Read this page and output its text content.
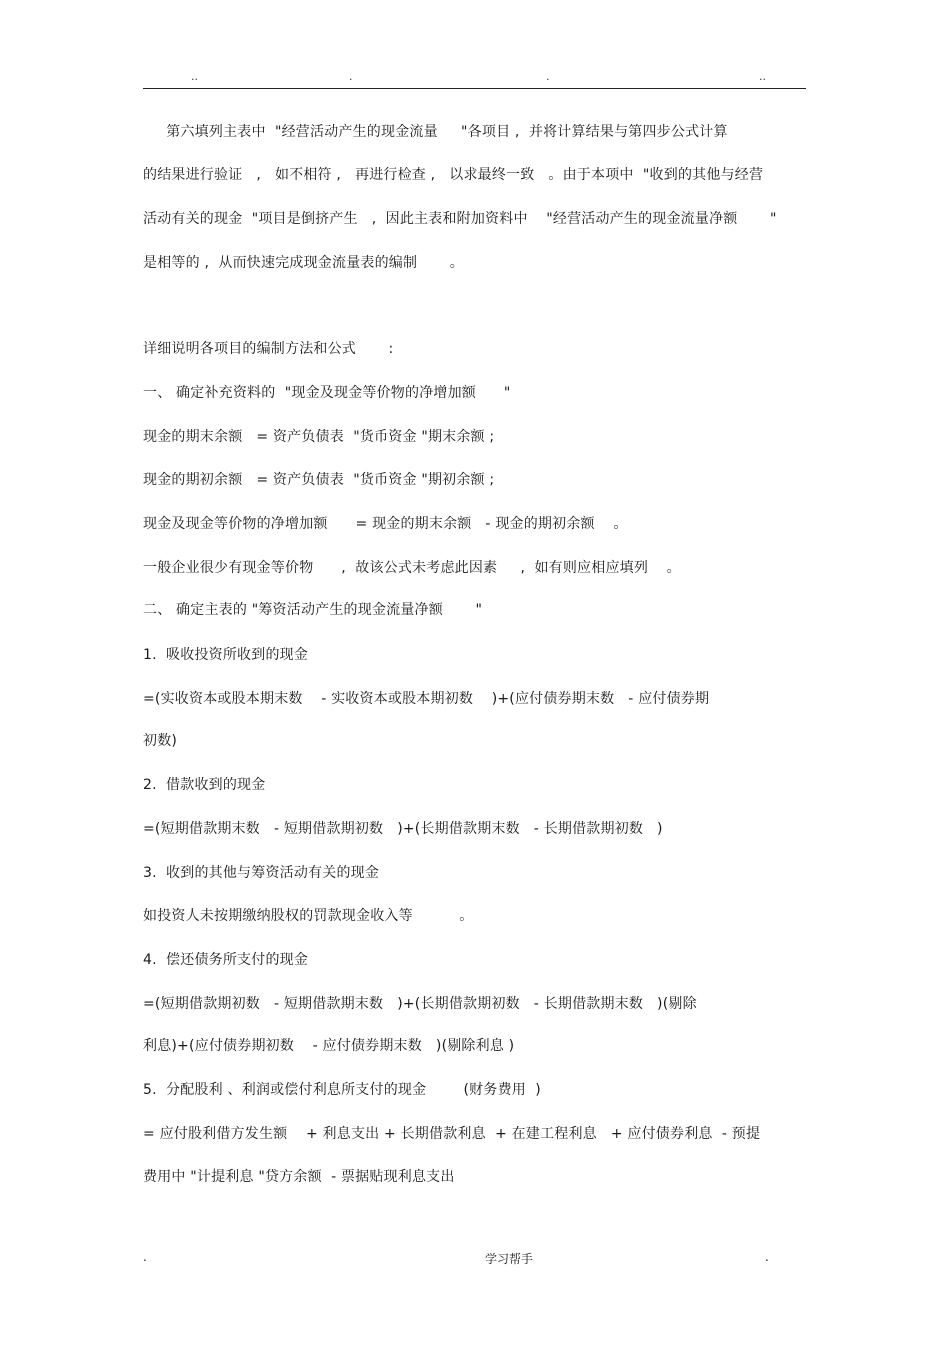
..	.	.	..
第六填列主表中  "经营活动产生的现金流量     "各项目 ,  并将计算结果与第四步公式计算
的结果进行验证   ,   如不相符 ,   再进行检查 ,   以求最终一致   。由于本项中  "收到的其他与经营
活动有关的现金  "项目是倒挤产生   ,  因此主表和附加资料中    "经营活动产生的现金流量净额       "
是相等的 ,  从而快速完成现金流量表的编制       。
详细说明各项目的编制方法和公式       :
一、 确定补充资料的  "现金及现金等价物的净增加额      "
现金的期末余额   = 资产负债表  "货币资金 "期末余额 ;
现金的期初余额   = 资产负债表  "货币资金 "期初余额 ;
现金及现金等价物的净增加额      = 现金的期末余额   - 现金的期初余额    。
一般企业很少有现金等价物      ,  故该公式未考虑此因素     ,  如有则应相应填列    。
二、 确定主表的 "筹资活动产生的现金流量净额       "
1.  吸收投资所收到的现金
=(实收资本或股本期末数    - 实收资本或股本期初数    )+(应付债券期末数   - 应付债券期
初数)
2.  借款收到的现金
=(短期借款期末数   - 短期借款期初数   )+(长期借款期末数   - 长期借款期初数   )
3.  收到的其他与筹资活动有关的现金
如投资人未按期缴纳股权的罚款现金收入等          。
4.  偿还债务所支付的现金
=(短期借款期初数   - 短期借款期末数   )+(长期借款期初数   - 长期借款期末数   )(剔除
利息)+(应付债券期初数    - 应付债券期末数   )(剔除利息 )
5.  分配股利 、利润或偿付利息所支付的现金        (财务费用  )
= 应付股利借方发生额    + 利息支出 + 长期借款利息  + 在建工程利息   + 应付债券利息  - 预提
费用中 "计提利息 "贷方余额  - 票据贴现利息支出
.	学习帮手	.
